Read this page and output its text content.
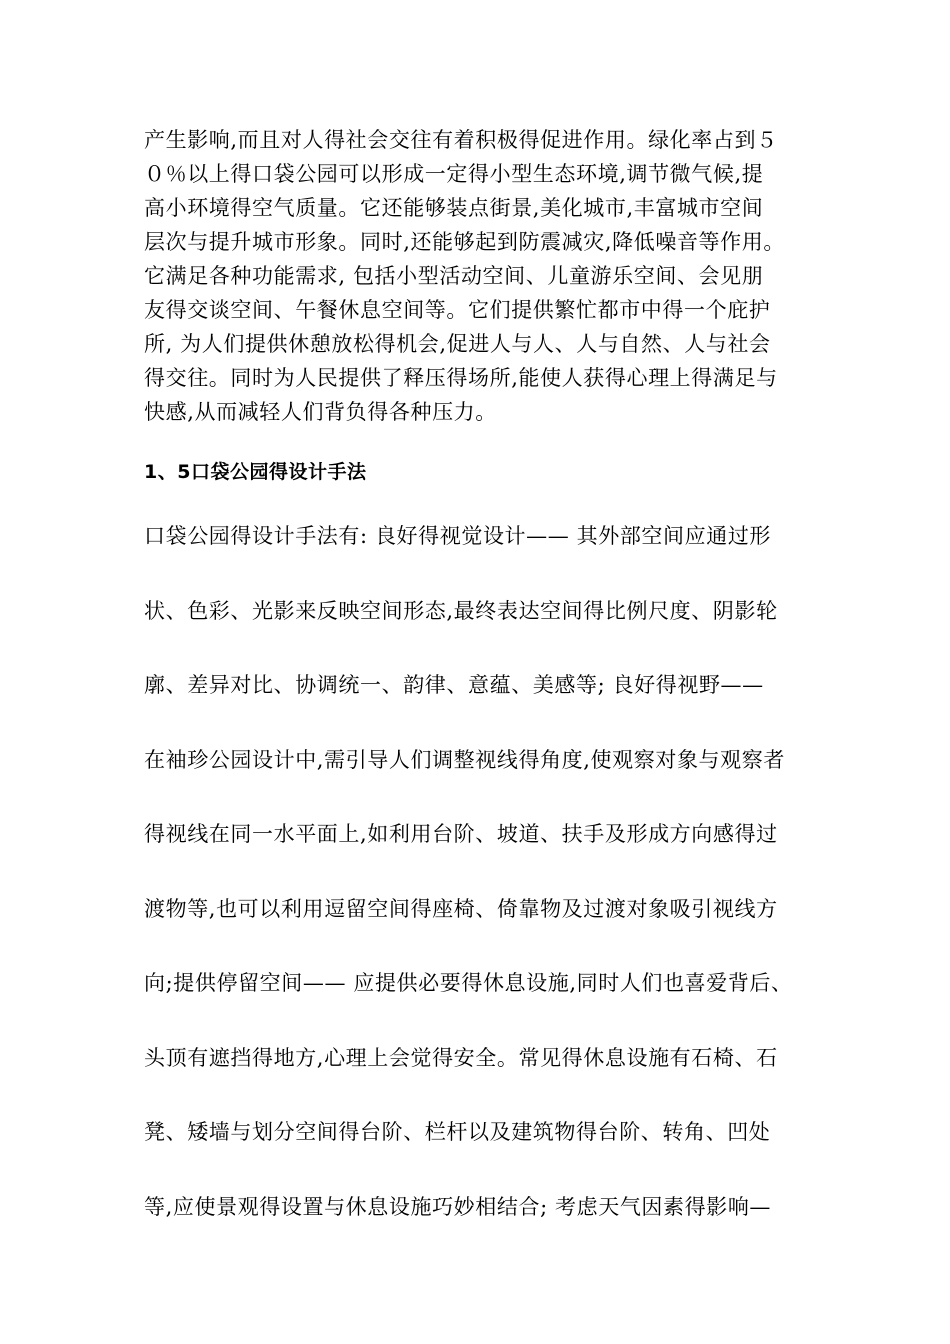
产生影响,而且对人得社会交往有着积极得促进作用。绿化率占到５
０％以上得口袋公园可以形成一定得小型生态环境,调节微气候,提
高小环境得空气质量。它还能够装点街景,美化城市,丰富城市空间
层次与提升城市形象。同时,还能够起到防震减灾,降低噪音等作用。
它满足各种功能需求, 包括小型活动空间、儿童游乐空间、会见朋
友得交谈空间、午餐休息空间等。它们提供繁忙都市中得一个庇护
所, 为人们提供休憩放松得机会,促进人与人、人与自然、人与社会
得交往。同时为人民提供了释压得场所,能使人获得心理上得满足与
快感,从而减轻人们背负得各种压力。

1、5口袋公园得设计手法

口袋公园得设计手法有: 良好得视觉设计—— 其外部空间应通过形
状、色彩、光影来反映空间形态,最终表达空间得比例尺度、阴影轮
廓、差异对比、协调统一、韵律、意蕴、美感等; 良好得视野——
在袖珍公园设计中,需引导人们调整视线得角度,使观察对象与观察者
得视线在同一水平面上,如利用台阶、坡道、扶手及形成方向感得过
渡物等,也可以利用逗留空间得座椅、倚靠物及过渡对象吸引视线方
向;提供停留空间—— 应提供必要得休息设施,同时人们也喜爱背后、
头顶有遮挡得地方,心理上会觉得安全。常见得休息设施有石椅、石
凳、矮墙与划分空间得台阶、栏杆以及建筑物得台阶、转角、凹处
等,应使景观得设置与休息设施巧妙相结合; 考虑天气因素得影响—
